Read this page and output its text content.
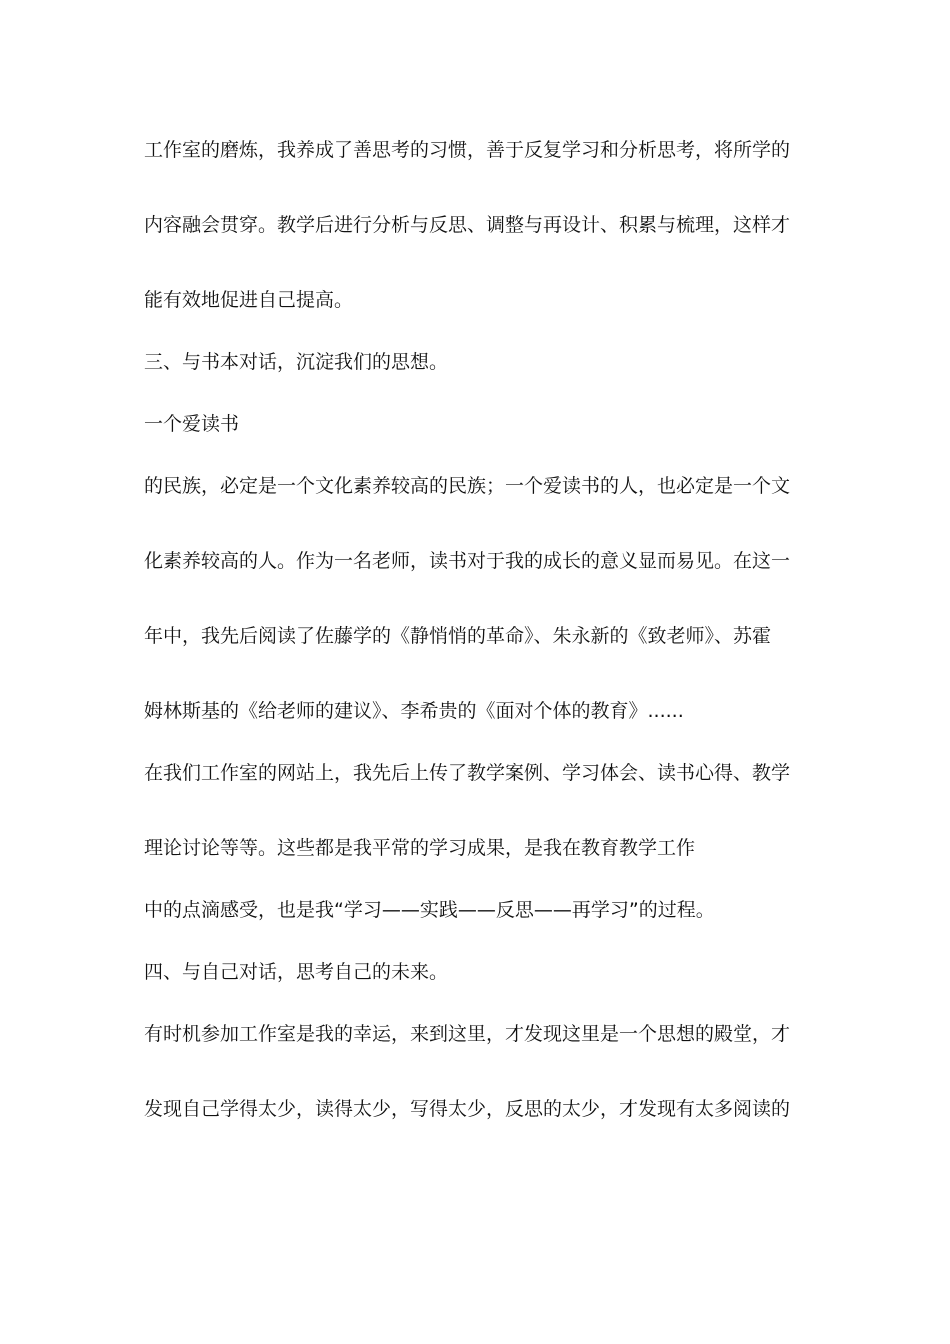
工作室的磨炼，我养成了善思考的习惯，善于反复学习和分析思考，将所学的
内容融会贯穿。教学后进行分析与反思、调整与再设计、积累与梳理，这样才
能有效地促进自己提高。
三、与书本对话，沉淀我们的思想。
一个爱读书
的民族，必定是一个文化素养较高的民族；一个爱读书的人，也必定是一个文
化素养较高的人。作为一名老师，读书对于我的成长的意义显而易见。在这一
年中，我先后阅读了佐藤学的《静悄悄的革命》、朱永新的《致老师》、苏霍
姆林斯基的《给老师的建议》、李希贵的《面对个体的教育》......
在我们工作室的网站上，我先后上传了教学案例、学习体会、读书心得、教学
理论讨论等等。这些都是我平常的学习成果，是我在教育教学工作
中的点滴感受，也是我“学习——实践——反思——再学习”的过程。
四、与自己对话，思考自己的未来。
有时机参加工作室是我的幸运，来到这里，才发现这里是一个思想的殿堂，才
发现自己学得太少，读得太少，写得太少，反思的太少，才发现有太多阅读的
